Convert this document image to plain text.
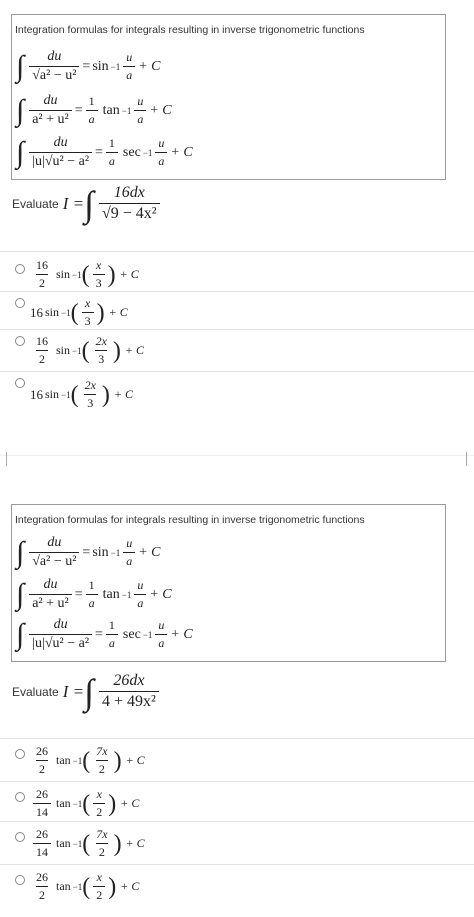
Integration formulas for integrals resulting in inverse trigonometric functions
∫ $\frac{du}{\text{√a² − u²}} = \sin -1 \frac{u}{a} + C$
∫ $\frac{du}{\text{a² + u²}} = \frac{1}{a}$ $\tan -1 \frac{u}{a} + C$
∫ $\frac{du}{\text{|u|√u² − a²}} = \frac{1}{a}$ $\sec -1 \frac{u}{a} + C$
Evaluate I = ∫ $\frac{16dx}{\text{√9 − 4x²}}$
$\frac{16}{2}$ sin −1 ( $\frac{x}{3}$ ) + C
16 sin −1 ( $\frac{x}{3}$ ) + C
$\frac{16}{2}$ sin −1 ( $\frac{2x}{3}$ ) + C
16 sin −1 ( $\frac{2x}{3}$ ) + C
Integration formulas for integrals resulting in inverse trigonometric functions
∫ $\frac{du}{\text{√a² − u²}} = \sin -1 \frac{u}{a} + C$
∫ $\frac{du}{\text{a² + u²}} = \frac{1}{a}$ $\tan -1 \frac{u}{a} + C$
∫ $\frac{du}{\text{|u|√u² − a²}} = \frac{1}{a}$ $\sec -1 \frac{u}{a} + C$
Evaluate I = ∫ $\frac{26dx}{\text{4 + 49x²}}$
$\frac{26}{2}$ tan −1 ( $\frac{7x}{2}$ ) + C
$\frac{26}{14}$ tan −1 ( $\frac{x}{2}$ ) + C
$\frac{26}{14}$ tan −1 ( $\frac{7x}{2}$ ) + C
$\frac{26}{2}$ tan −1 ( $\frac{x}{2}$ ) + C
